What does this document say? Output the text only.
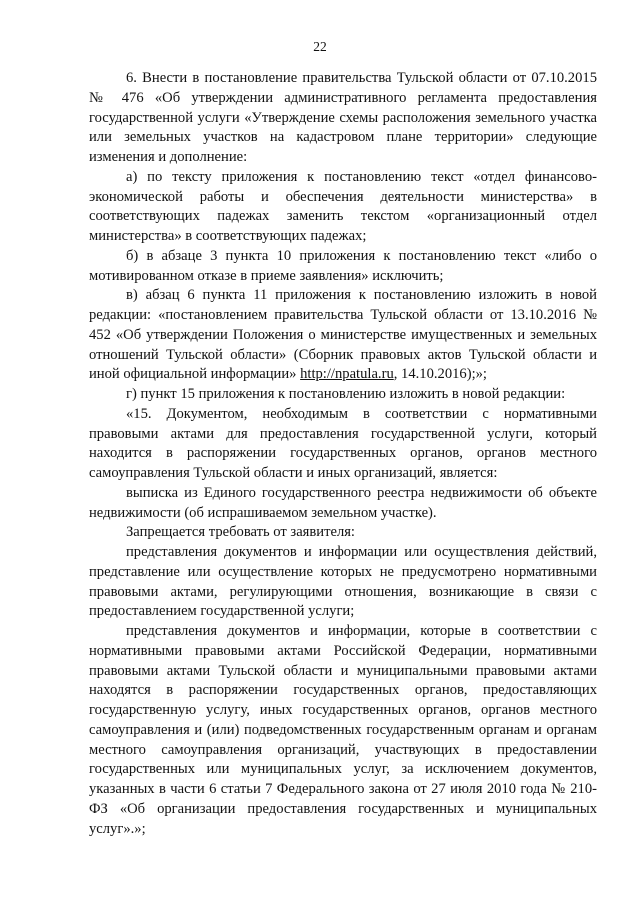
22

6. Внести в постановление правительства Тульской области от 07.10.2015 № 476 «Об утверждении административного регламента предоставления государственной услуги «Утверждение схемы расположения земельного участка или земельных участков на кадастровом плане территории» следующие изменения и дополнение:

а) по тексту приложения к постановлению текст «отдел финансово-экономической работы и обеспечения деятельности министерства» в соответствующих падежах заменить текстом «организационный отдел министерства» в соответствующих падежах;

б) в абзаце 3 пункта 10 приложения к постановлению текст «либо о мотивированном отказе в приеме заявления» исключить;

в) абзац 6 пункта 11 приложения к постановлению изложить в новой редакции: «постановлением правительства Тульской области от 13.10.2016 № 452 «Об утверждении Положения о министерстве имущественных и земельных отношений Тульской области» (Сборник правовых актов Тульской области и иной официальной информации» http://npatula.ru, 14.10.2016);»;

г) пункт 15 приложения к постановлению изложить в новой редакции:

«15. Документом, необходимым в соответствии с нормативными правовыми актами для предоставления государственной услуги, который находится в распоряжении государственных органов, органов местного самоуправления Тульской области и иных организаций, является:

выписка из Единого государственного реестра недвижимости об объекте недвижимости (об испрашиваемом земельном участке).

Запрещается требовать от заявителя:

представления документов и информации или осуществления действий, представление или осуществление которых не предусмотрено нормативными правовыми актами, регулирующими отношения, возникающие в связи с предоставлением государственной услуги;

представления документов и информации, которые в соответствии с нормативными правовыми актами Российской Федерации, нормативными правовыми актами Тульской области и муниципальными правовыми актами находятся в распоряжении государственных органов, предоставляющих государственную услугу, иных государственных органов, органов местного самоуправления и (или) подведомственных государственным органам и органам местного самоуправления организаций, участвующих в предоставлении государственных или муниципальных услуг, за исключением документов, указанных в части 6 статьи 7 Федерального закона от 27 июля 2010 года № 210-ФЗ «Об организации предоставления государственных и муниципальных услуг».»;
